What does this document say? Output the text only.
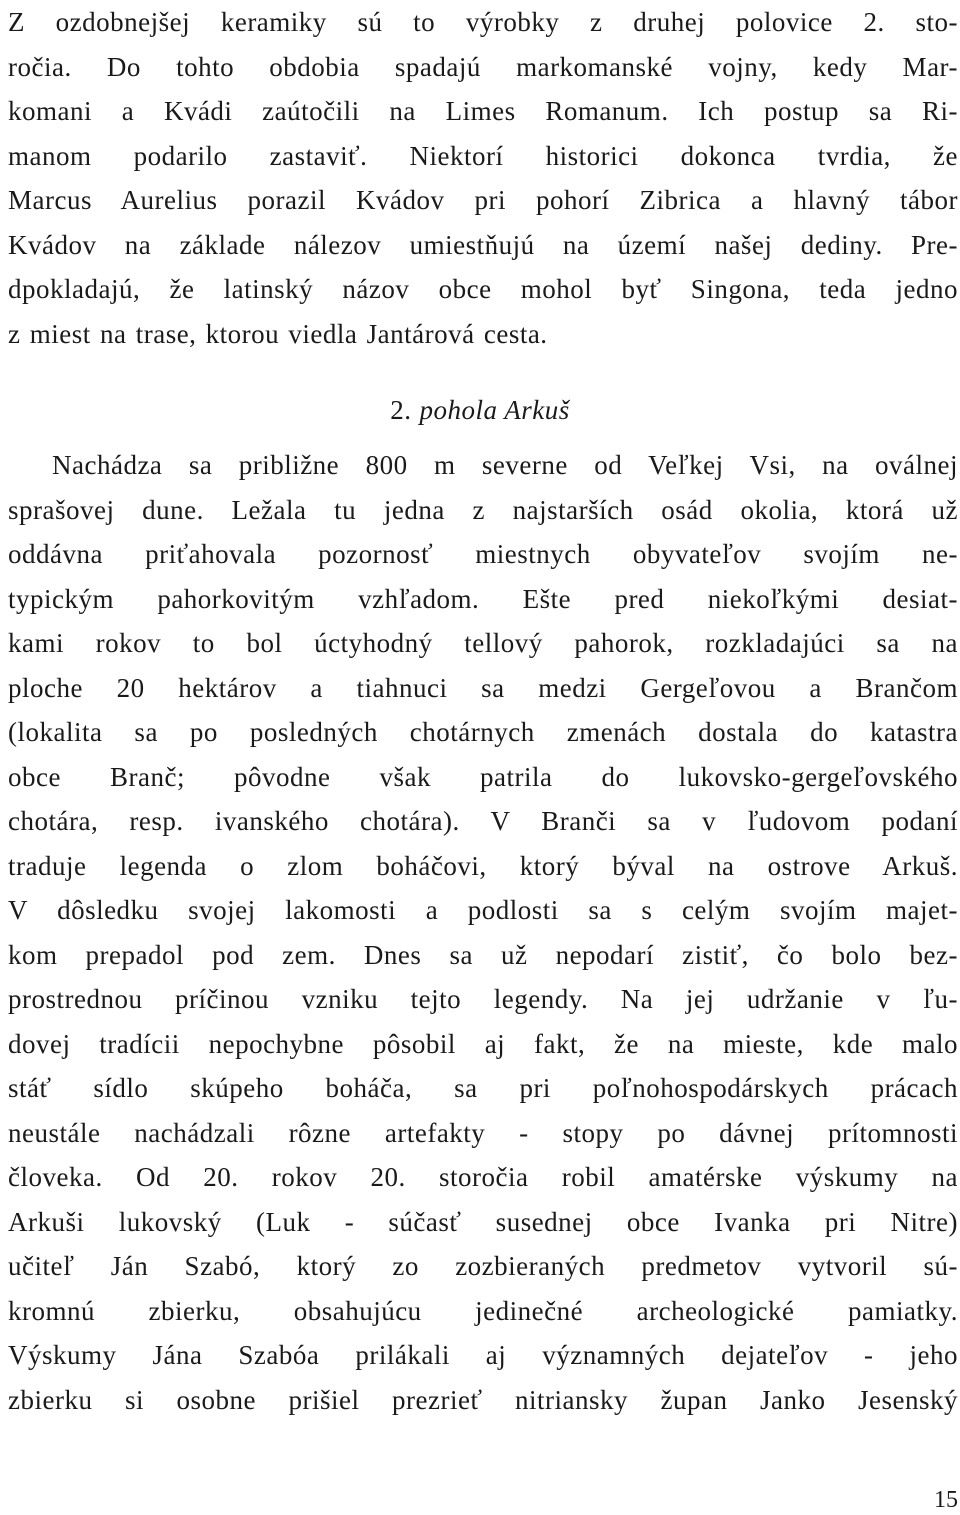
Z ozdobnejšej keramiky sú to výrobky z druhej polovice 2. sto-
ročia. Do tohto obdobia spadajú markomanské vojny, kedy Mar-
komani a Kvádi zaútočili na Limes Romanum. Ich postup sa Ri-
manom podarilo zastaviť. Niektorí historici dokonca tvrdia, že
Marcus Aurelius porazil Kvádov pri pohorí Zibrica a hlavný tábor
Kvádov na základe nálezov umiestňujú na území našej dediny. Pre-
dpokladajú, že latinský názov obce mohol byť Singona, teda jedno
z miest na trase, ktorou viedla Jantárová cesta.
2. pohola Arkuš
Nachádza sa približne 800 m severne od Veľkej Vsi, na oválnej
sprašovej dune. Ležala tu jedna z najstarších osád okolia, ktorá už
oddávna priťahovala pozornosť miestnych obyvateľov svojím ne-
typickým pahorkovitým vzhľadom. Ešte pred niekoľkými desiat-
kami rokov to bol úctyhodný tellový pahorok, rozkladajúci sa na
ploche 20 hektárov a tiahnuci sa medzi Gergeľovou a Brančom
(lokalita sa po posledných chotárnych zmenách dostala do katastra
obce Branč; pôvodne však patrila do lukovsko-gergeľovského
chotára, resp. ivanského chotára). V Branči sa v ľudovom podaní
traduje legenda o zlom boháčovi, ktorý býval na ostrove Arkuš.
V dôsledku svojej lakomosti a podlosti sa s celým svojím majet-
kom prepadol pod zem. Dnes sa už nepodarí zistiť, čo bolo bez-
prostrednou príčinou vzniku tejto legendy. Na jej udržanie v ľu-
dovej tradícii nepochybne pôsobil aj fakt, že na mieste, kde malo
stáť sídlo skúpeho boháča, sa pri poľnohospodárskych prácach
neustále nachádzali rôzne artefakty - stopy po dávnej prítomnosti
človeka. Od 20. rokov 20. storočia robil amatérske výskumy na
Arkuši lukovský (Luk - súčasť susednej obce Ivanka pri Nitre)
učiteľ Ján Szabó, ktorý zo zozbieraných predmetov vytvoril sú-
kromnú zbierku, obsahujúcu jedinečné archeologické pamiatky.
Výskumy Jána Szabóa prilákali aj významných dejateľov - jeho
zbierku si osobne prišiel prezrieť nitriansky župan Janko Jesenský
15
